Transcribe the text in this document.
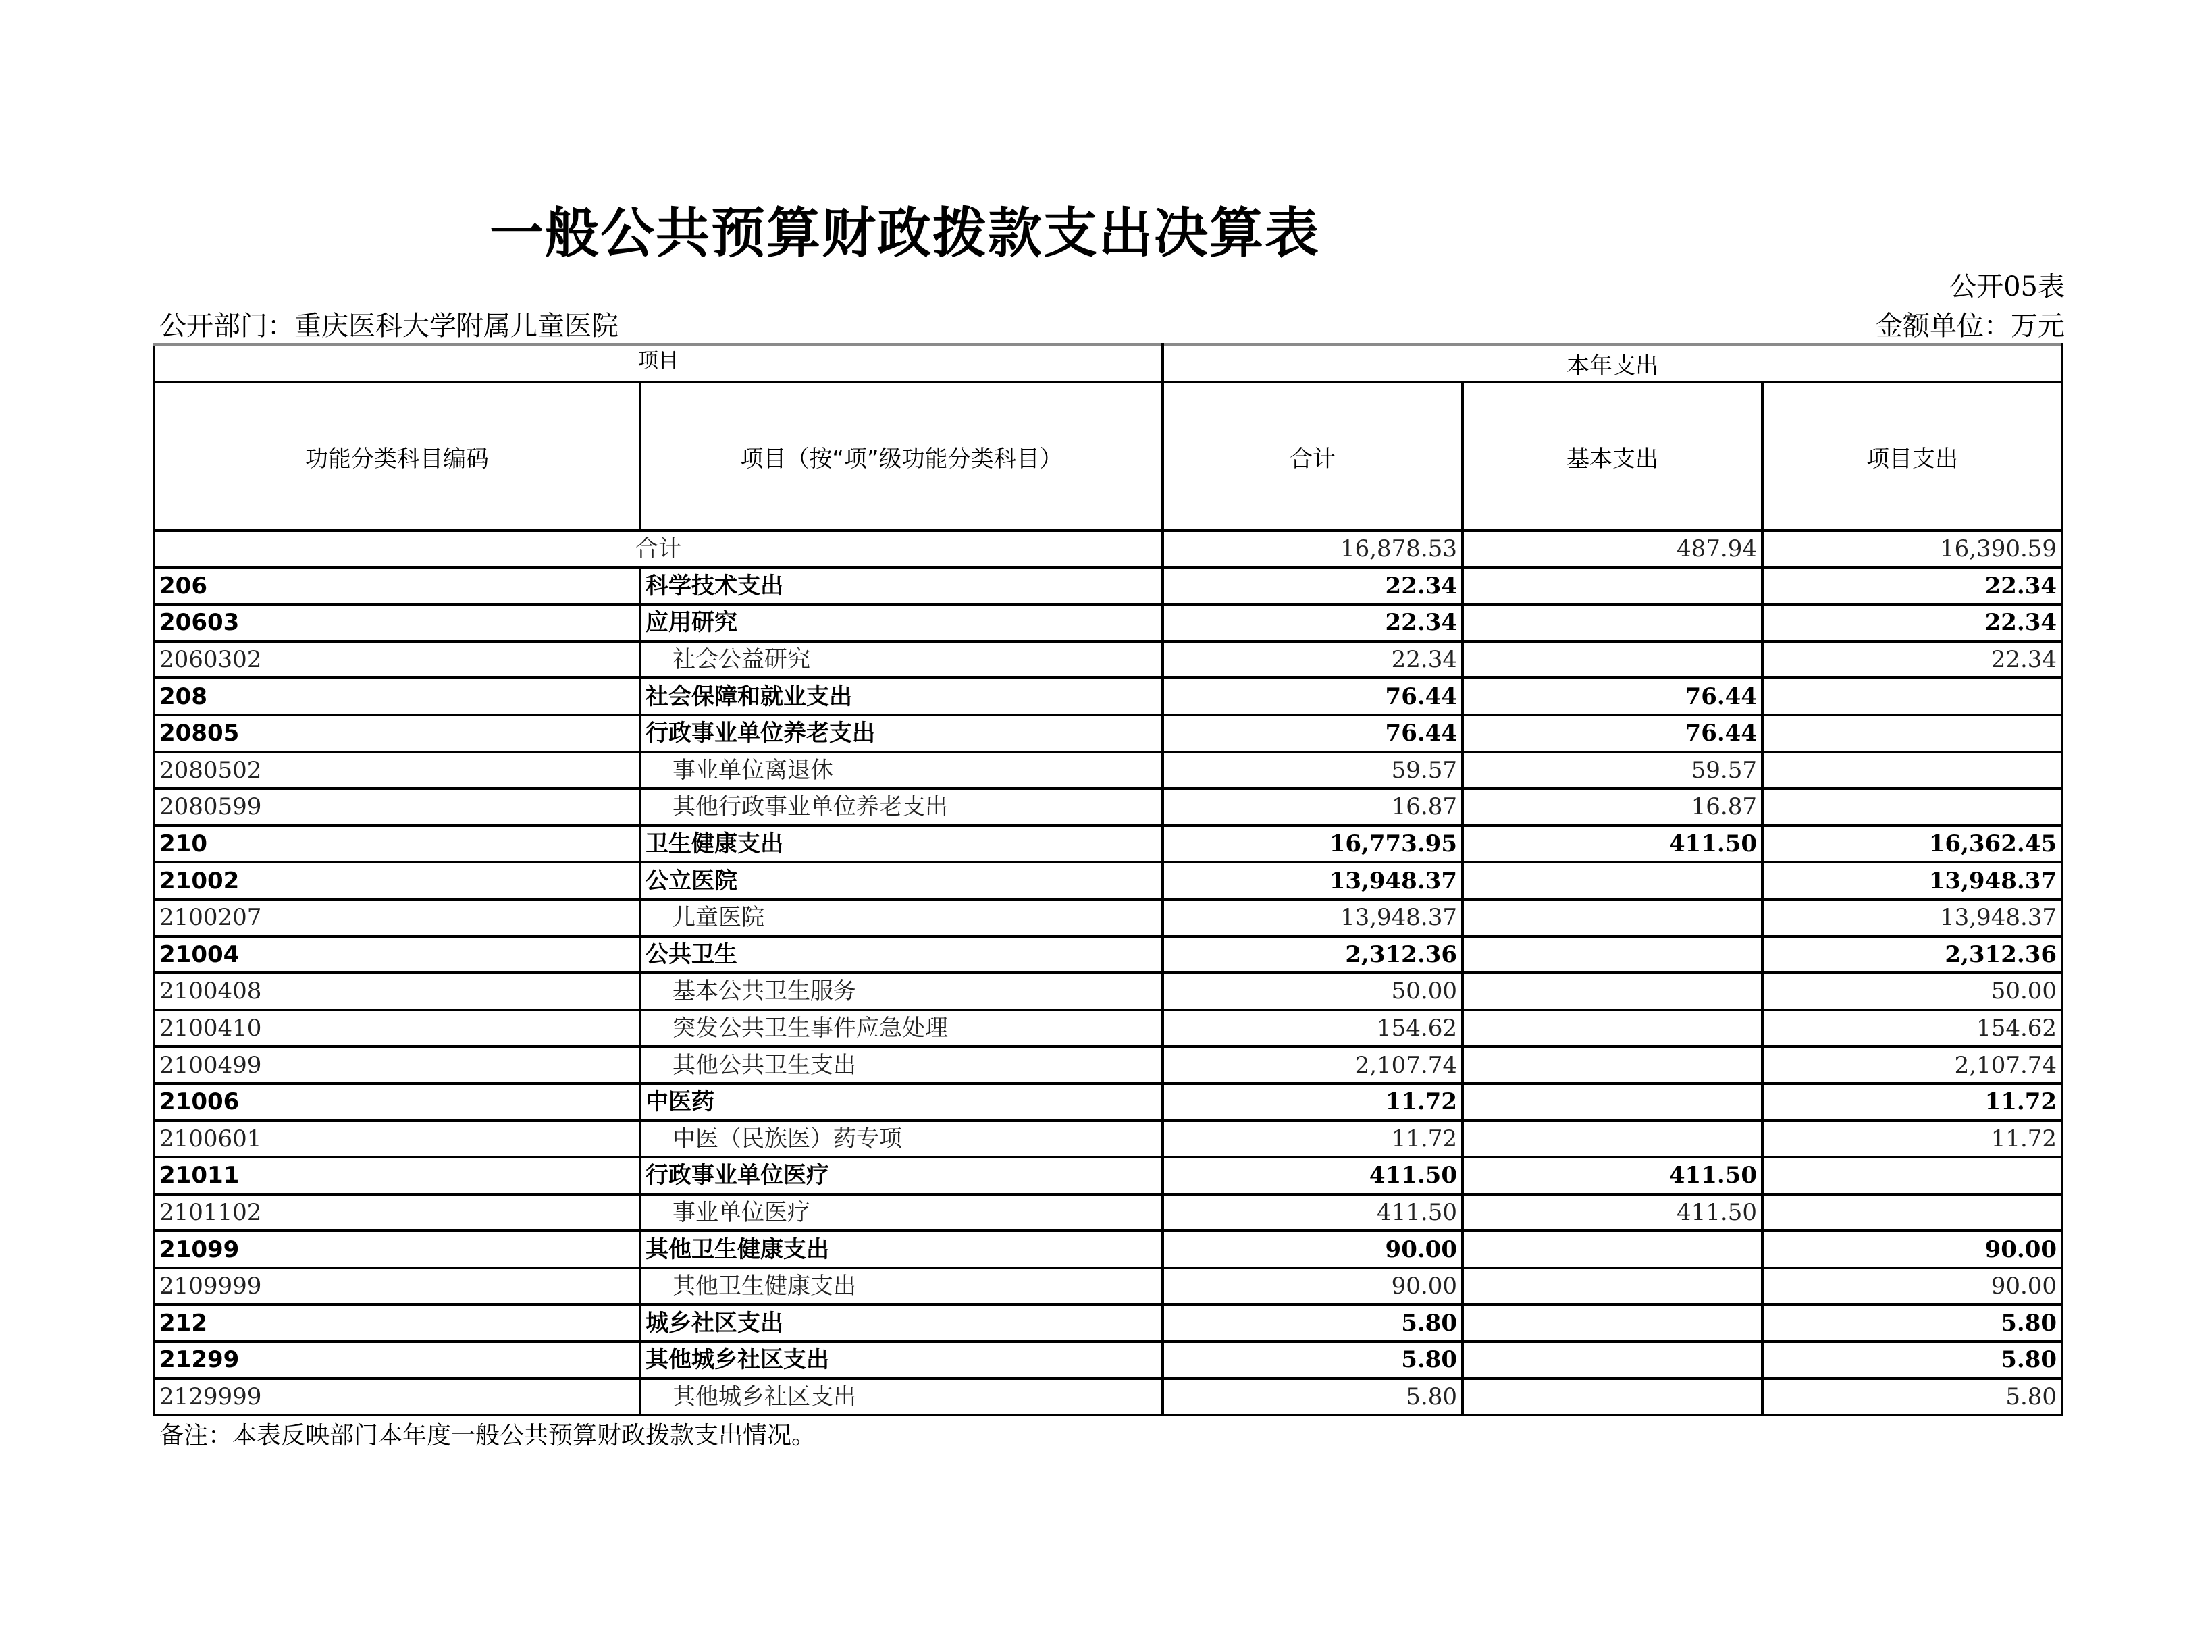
一般公共预算财政拨款支出决算表
公开05表
公开部门：重庆医科大学附属儿童医院	金额单位：万元
项目		本年支出		
功能分类科目编码	项目（按“项”级功能分类科目）	合计	基本支出	项目支出
合计		16,878.53	487.94	16,390.59
206	科学技术支出	22.34		22.34
20603	应用研究	22.34		22.34
2060302	社会公益研究	22.34		22.34
208	社会保障和就业支出	76.44	76.44	
20805	行政事业单位养老支出	76.44	76.44	
2080502	事业单位离退休	59.57	59.57	
2080599	其他行政事业单位养老支出	16.87	16.87	
210	卫生健康支出	16,773.95	411.50	16,362.45
21002	公立医院	13,948.37		13,948.37
2100207	儿童医院	13,948.37		13,948.37
21004	公共卫生	2,312.36		2,312.36
2100408	基本公共卫生服务	50.00		50.00
2100410	突发公共卫生事件应急处理	154.62		154.62
2100499	其他公共卫生支出	2,107.74		2,107.74
21006	中医药	11.72		11.72
2100601	中医（民族医）药专项	11.72		11.72
21011	行政事业单位医疗	411.50	411.50	
2101102	事业单位医疗	411.50	411.50	
21099	其他卫生健康支出	90.00		90.00
2109999	其他卫生健康支出	90.00		90.00
212	城乡社区支出	5.80		5.80
21299	其他城乡社区支出	5.80		5.80
2129999	其他城乡社区支出	5.80		5.80
备注：本表反映部门本年度一般公共预算财政拨款支出情况。
